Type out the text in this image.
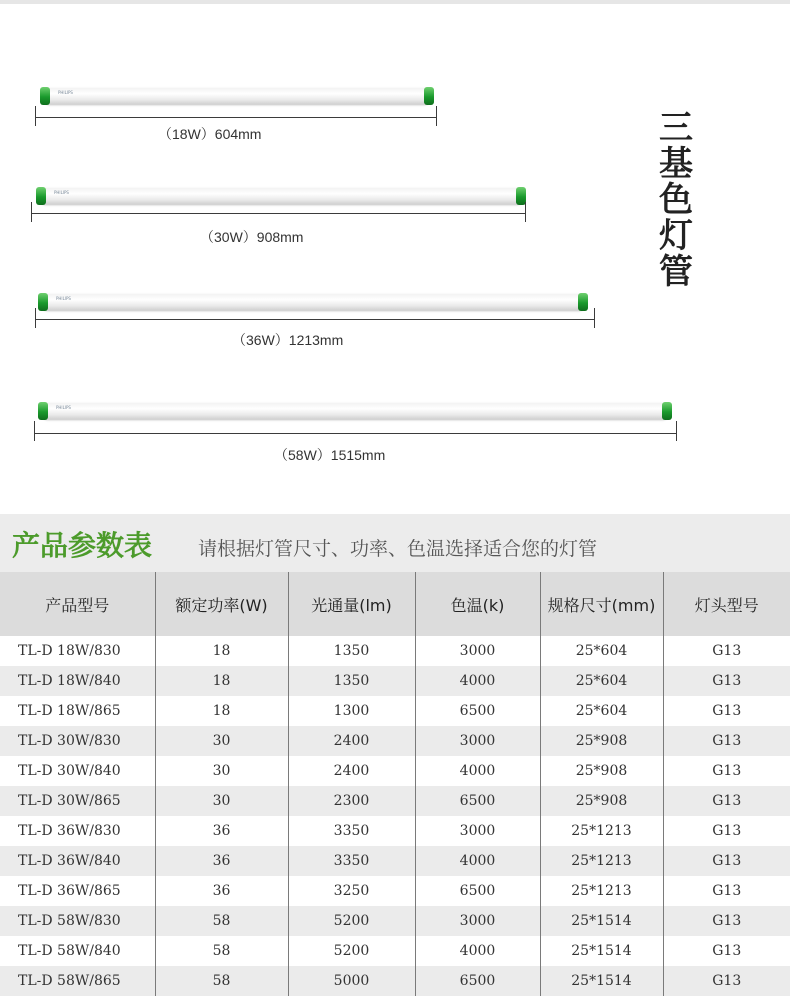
PHILIPS
（18W）604mm
PHILIPS
（30W）908mm
PHILIPS
（36W）1213mm
PHILIPS
（58W）1515mm
三
基
色
灯
管
产品参数表 请根据灯管尺寸、功率、色温选择适合您的灯管
产品型号	额定功率(W)	光通量(lm)	色温(k)	规格尺寸(mm)	灯头型号
TL-D 18W/830	18	1350	3000	25*604	G13
TL-D 18W/840	18	1350	4000	25*604	G13
TL-D 18W/865	18	1300	6500	25*604	G13
TL-D 30W/830	30	2400	3000	25*908	G13
TL-D 30W/840	30	2400	4000	25*908	G13
TL-D 30W/865	30	2300	6500	25*908	G13
TL-D 36W/830	36	3350	3000	25*1213	G13
TL-D 36W/840	36	3350	4000	25*1213	G13
TL-D 36W/865	36	3250	6500	25*1213	G13
TL-D 58W/830	58	5200	3000	25*1514	G13
TL-D 58W/840	58	5200	4000	25*1514	G13
TL-D 58W/865	58	5000	6500	25*1514	G13
